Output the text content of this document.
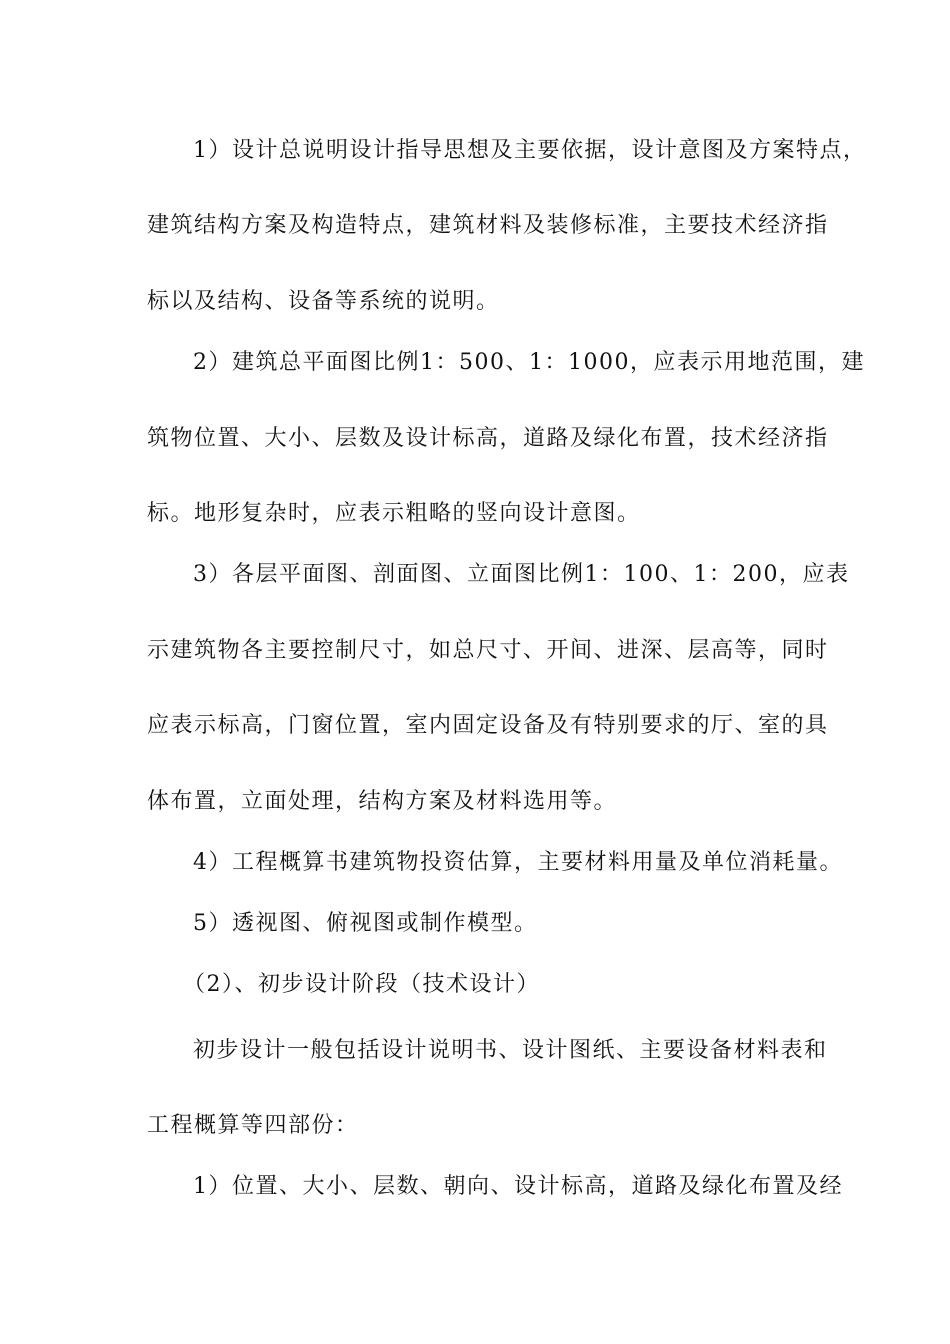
1）设计总说明设计指导思想及主要依据，设计意图及方案特点，
建筑结构方案及构造特点，建筑材料及装修标准，主要技术经济指
标以及结构、设备等系统的说明。
2）建筑总平面图比例1：500、1：1000，应表示用地范围，建
筑物位置、大小、层数及设计标高，道路及绿化布置，技术经济指
标。地形复杂时，应表示粗略的竖向设计意图。
3）各层平面图、剖面图、立面图比例1：100、1：200，应表
示建筑物各主要控制尺寸，如总尺寸、开间、进深、层高等，同时
应表示标高，门窗位置，室内固定设备及有特别要求的厅、室的具
体布置，立面处理，结构方案及材料选用等。
4）工程概算书建筑物投资估算，主要材料用量及单位消耗量。
5）透视图、俯视图或制作模型。
（2）、初步设计阶段（技术设计）
初步设计一般包括设计说明书、设计图纸、主要设备材料表和
工程概算等四部份：
1）位置、大小、层数、朝向、设计标高，道路及绿化布置及经
